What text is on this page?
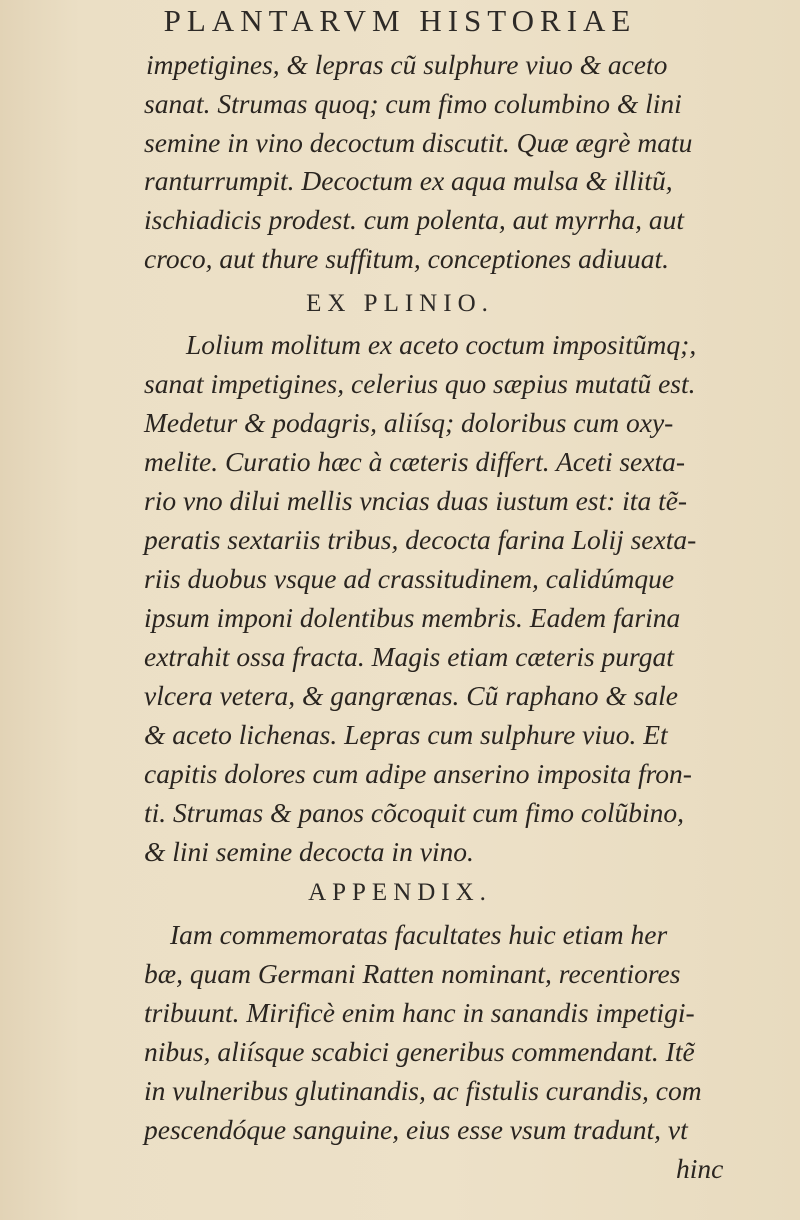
PLANTARVM HISTORIAE
impetigines, & lepras cũ sulphure viuo & aceto
sanat. Strumas quoq; cum fimo columbino & lini
semine in vino decoctum discutit. Quæ ægrè matu
ranturrumpit. Decoctum ex aqua mulsa & illitũ,
ischiadicis prodest. cum polenta, aut myrrha, aut
croco, aut thure suffitum, conceptiones adiuuat.
EX PLINIO.
Lolium molitum ex aceto coctum impositũmq;,
sanat impetigines, celerius quo sæpius mutatũ est.
Medetur & podagris, aliísq; doloribus cum oxy-
melite. Curatio hæc à cæteris differt. Aceti sexta-
rio vno dilui mellis vncias duas iustum est: ita tẽ-
peratis sextariis tribus, decocta farina Lolij sexta-
riis duobus vsque ad crassitudinem, calidúmque
ipsum imponi dolentibus membris. Eadem farina
extrahit ossa fracta. Magis etiam cæteris purgat
vlcera vetera, & gangrænas. Cũ raphano & sale
& aceto lichenas. Lepras cum sulphure viuo. Et
capitis dolores cum adipe anserino imposita fron-
ti. Strumas & panos cõcoquit cum fimo colũbino,
& lini semine decocta in vino.
APPENDIX.
Iam commemoratas facultates huic etiam her
bæ, quam Germani Ratten nominant, recentiores
tribuunt. Mirificè enim hanc in sanandis impetigi-
nibus, aliísque scabici generibus commendant. Itẽ
in vulneribus glutinandis, ac fistulis curandis, com
pescendóque sanguine, eius esse vsum tradunt, vt
hinc
